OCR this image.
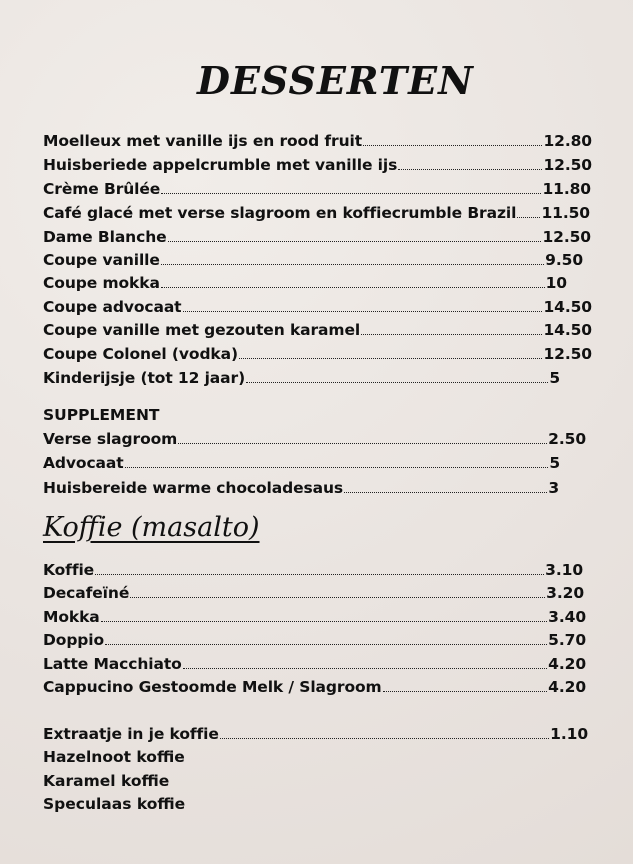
DESSERTEN
Moelleux met vanille ijs en rood fruit	12.80
Huisberiede appelcrumble met vanille ijs	12.50
Crème Brûlée	11.80
Café glacé met verse slagroom en koffiecrumble Brazil 11.50
Dame Blanche	12.50
Coupe vanille	9.50
Coupe mokka	10
Coupe advocaat	14.50
Coupe vanille met gezouten karamel	14.50
Coupe Colonel (vodka)	12.50
Kinderijsje (tot 12 jaar)	5
SUPPLEMENT
Verse slagroom	2.50
Advocaat	5
Huisbereide warme chocoladesaus	3
Koffie (masalto)
Koffie	3.10
Decafeïné	3.20
Mokka	3.40
Doppio	5.70
Latte Macchiato	4.20
Cappucino Gestoomde Melk / Slagroom	4.20
Extraatje in je koffie	1.10
Hazelnoot koffie
Karamel koffie
Speculaas koffie
